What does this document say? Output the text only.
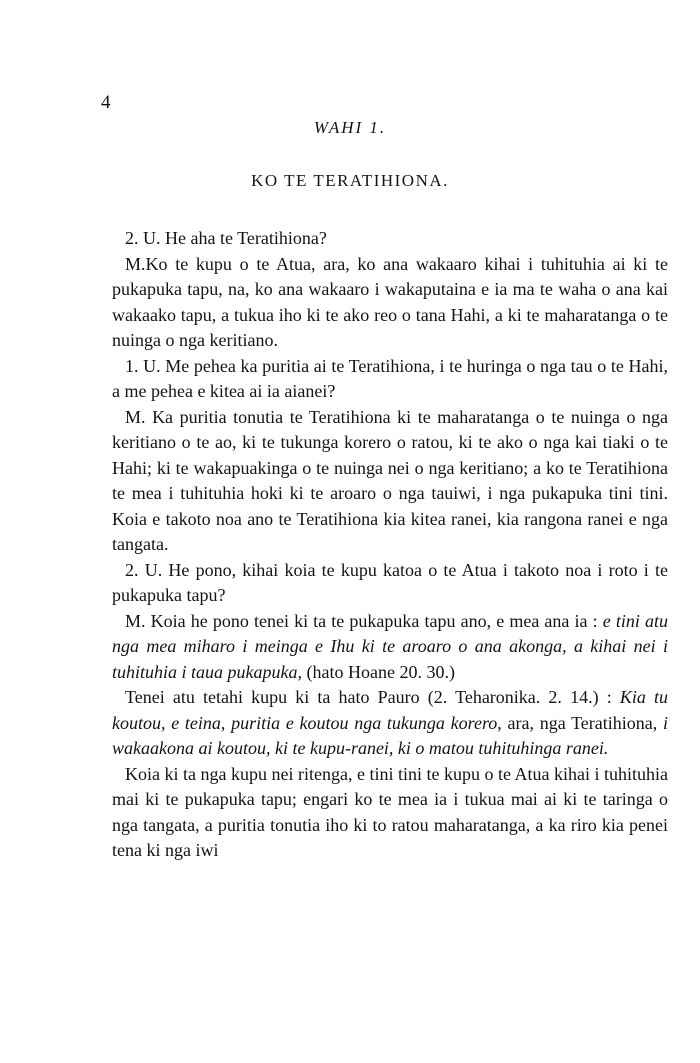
4
WAHI 1.
KO TE TERATIHIONA.

2. U. He aha te Teratihiona?

M.Ko te kupu o te Atua, ara, ko ana wakaaro kihai i tuhituhia ai ki te pukapuka tapu, na, ko ana wakaaro i wakaputaina e ia ma te waha o ana kai wakaako tapu, a tukua iho ki te ako reo o tana Hahi, a ki te maharatanga o te nuinga o nga keritiano.

1. U. Me pehea ka puritia ai te Teratihiona, i te huringa o nga tau o te Hahi, a me pehea e kitea ai ia aianei?

M. Ka puritia tonutia te Teratihiona ki te maharatanga o te nuinga o nga keritiano o te ao, ki te tukunga korero o ratou, ki te ako o nga kai tiaki o te Hahi; ki te wakapuakinga o te nuinga nei o nga keritiano; a ko te Teratihiona te mea i tuhituhia hoki ki te aroaro o nga tauiwi, i nga pukapuka tini tini. Koia e takoto noa ano te Teratihiona kia kitea ranei, kia rangona ranei e nga tangata.

2. U. He pono, kihai koia te kupu katoa o te Atua i takoto noa i roto i te pukapuka tapu?

M. Koia he pono tenei ki ta te pukapuka tapu ano, e mea ana ia : e tini atu nga mea miharo i meinga e Ihu ki te aroaro o ana akonga, a kihai nei i tuhituhia i taua pukapuka, (hato Hoane 20. 30.)

Tenei atu tetahi kupu ki ta hato Pauro (2. Teharonika. 2. 14.) : Kia tu koutou, e teina, puritia e koutou nga tukunga korero, ara, nga Teratihiona, i wakaakona ai koutou, ki te kupu-ranei, ki o matou tuhituhinga ranei.

Koia ki ta nga kupu nei ritenga, e tini tini te kupu o te Atua kihai i tuhituhia mai ki te pukapuka tapu; engari ko te mea ia i tukua mai ai ki te taringa o nga tangata, a puritia tonutia iho ki to ratou maharatanga, a ka riro kia penei tena ki nga iwi
